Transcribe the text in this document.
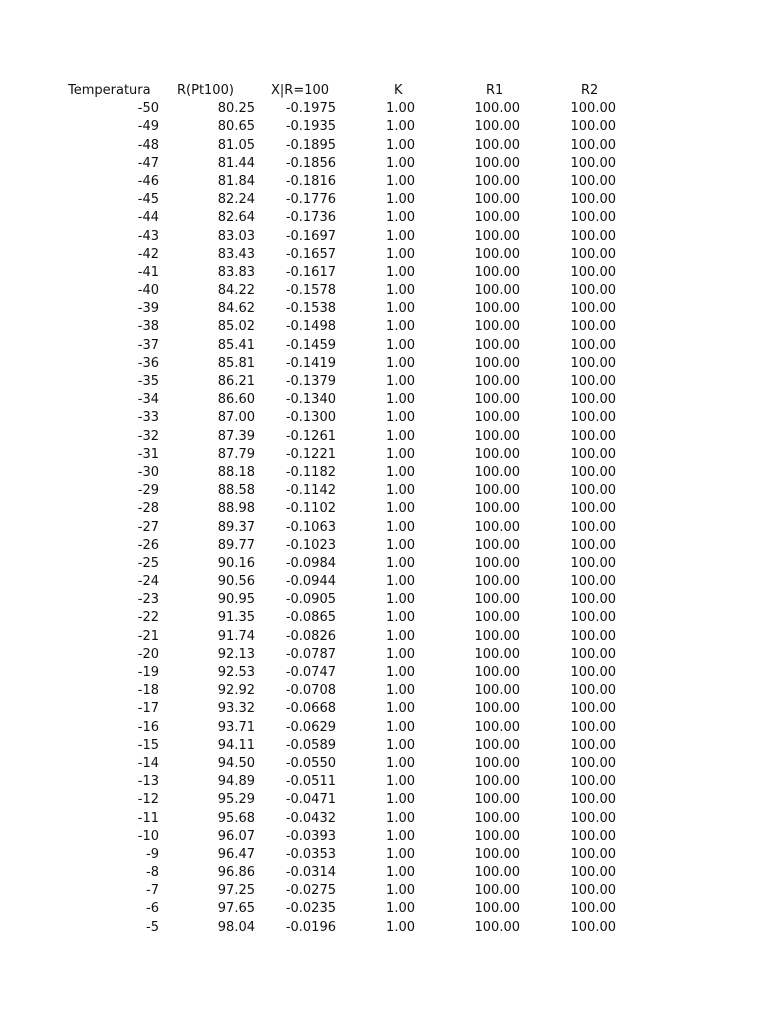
Temperatura R(Pt100)	X|R=100	K	R1	R2
-50	80.25 -0.1975	1.00	100.00	100.00
-49	80.65 -0.1935	1.00	100.00	100.00
-48	81.05 -0.1895	1.00	100.00	100.00
-47	81.44 -0.1856	1.00	100.00	100.00
-46	81.84 -0.1816	1.00	100.00	100.00
-45	82.24 -0.1776	1.00	100.00	100.00
-44	82.64 -0.1736	1.00	100.00	100.00
-43	83.03 -0.1697	1.00	100.00	100.00
-42	83.43 -0.1657	1.00	100.00	100.00
-41	83.83 -0.1617	1.00	100.00	100.00
-40	84.22 -0.1578	1.00	100.00	100.00
-39	84.62 -0.1538	1.00	100.00	100.00
-38	85.02 -0.1498	1.00	100.00	100.00
-37	85.41 -0.1459	1.00	100.00	100.00
-36	85.81 -0.1419	1.00	100.00	100.00
-35	86.21 -0.1379	1.00	100.00	100.00
-34	86.60 -0.1340	1.00	100.00	100.00
-33	87.00 -0.1300	1.00	100.00	100.00
-32	87.39 -0.1261	1.00	100.00	100.00
-31	87.79 -0.1221	1.00	100.00	100.00
-30	88.18 -0.1182	1.00	100.00	100.00
-29	88.58 -0.1142	1.00	100.00	100.00
-28	88.98 -0.1102	1.00	100.00	100.00
-27	89.37 -0.1063	1.00	100.00	100.00
-26	89.77 -0.1023	1.00	100.00	100.00
-25	90.16 -0.0984	1.00	100.00	100.00
-24	90.56 -0.0944	1.00	100.00	100.00
-23	90.95 -0.0905	1.00	100.00	100.00
-22	91.35 -0.0865	1.00	100.00	100.00
-21	91.74 -0.0826	1.00	100.00	100.00
-20	92.13 -0.0787	1.00	100.00	100.00
-19	92.53 -0.0747	1.00	100.00	100.00
-18	92.92 -0.0708	1.00	100.00	100.00
-17	93.32 -0.0668	1.00	100.00	100.00
-16	93.71 -0.0629	1.00	100.00	100.00
-15	94.11 -0.0589	1.00	100.00	100.00
-14	94.50 -0.0550	1.00	100.00	100.00
-13	94.89 -0.0511	1.00	100.00	100.00
-12	95.29 -0.0471	1.00	100.00	100.00
-11	95.68 -0.0432	1.00	100.00	100.00
-10	96.07 -0.0393	1.00	100.00	100.00
-9	96.47 -0.0353	1.00	100.00	100.00
-8	96.86 -0.0314	1.00	100.00	100.00
-7	97.25 -0.0275	1.00	100.00	100.00
-6	97.65 -0.0235	1.00	100.00	100.00
-5	98.04 -0.0196	1.00	100.00	100.00
